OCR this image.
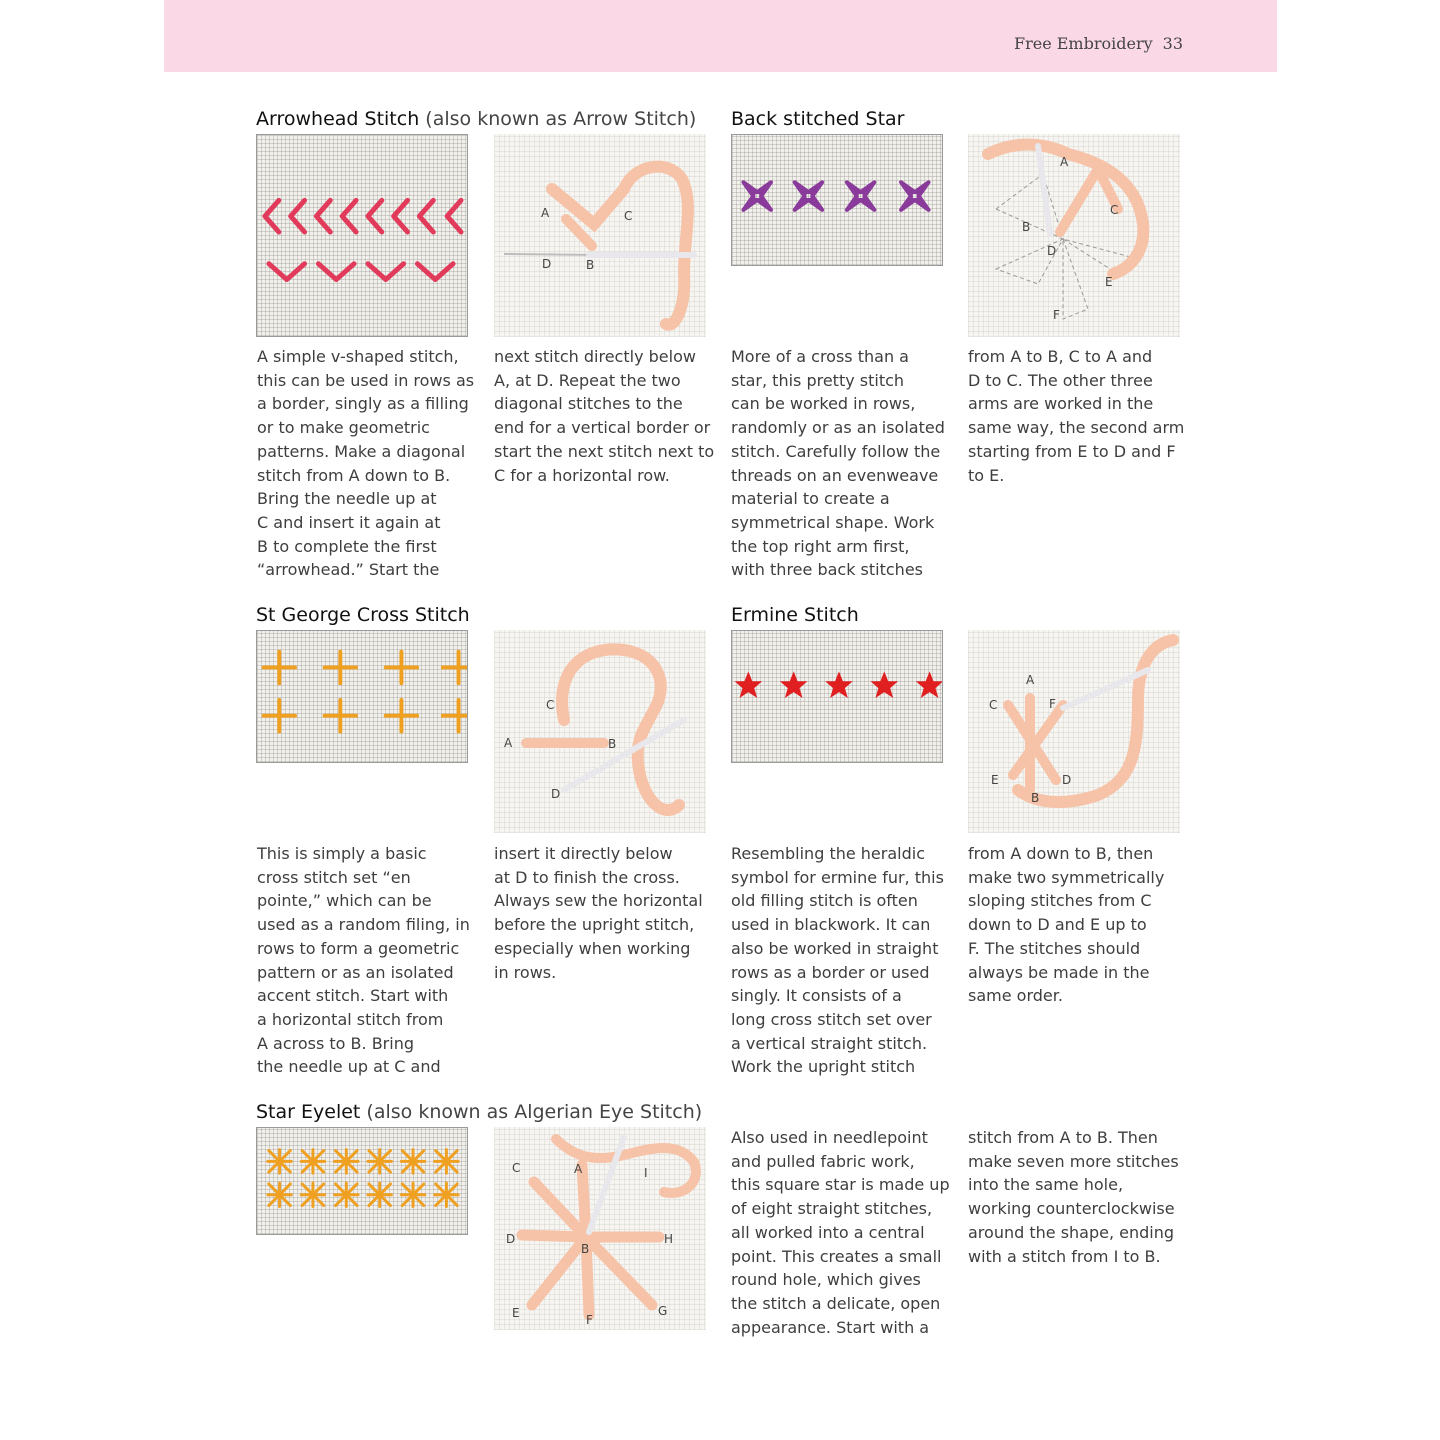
Free Embroidery 33
Arrowhead Stitch (also known as Arrow Stitch)
A	C
D	B

A simple v-shaped stitch,
this can be used in rows as
a border, singly as a filling
or to make geometric
patterns. Make a diagonal
stitch from A down to B.
Bring the needle up at
C and insert it again at
B to complete the first
“arrowhead.” Start the

next stitch directly below
A, at D. Repeat the two
diagonal stitches to the
end for a vertical border or
start the next stitch next to
C for a horizontal row.

Back stitched Star
A
B
C
D
E
F

More of a cross than a
star, this pretty stitch
can be worked in rows,
randomly or as an isolated
stitch. Carefully follow the
threads on an evenweave
material to create a
symmetrical shape. Work
the top right arm first,
with three back stitches

from A to B, C to A and
D to C. The other three
arms are worked in the
same way, the second arm
starting from E to D and F
to E.

St George Cross Stitch
C
A	B
D

This is simply a basic
cross stitch set “en
pointe,” which can be
used as a random filing, in
rows to form a geometric
pattern or as an isolated
accent stitch. Start with
a horizontal stitch from
A across to B. Bring
the needle up at C and

insert it directly below
at D to finish the cross.
Always sew the horizontal
before the upright stitch,
especially when working
in rows.

Ermine Stitch
A
C	F
E	D
B

Resembling the heraldic
symbol for ermine fur, this
old filling stitch is often
used in blackwork. It can
also be worked in straight
rows as a border or used
singly. It consists of a
long cross stitch set over
a vertical straight stitch.
Work the upright stitch

from A down to B, then
make two symmetrically
sloping stitches from C
down to D and E up to
F. The stitches should
always be made in the
same order.

Star Eyelet (also known as Algerian Eye Stitch)
C	A	I
D
B
H
E	F
G

Also used in needlepoint
and pulled fabric work,
this square star is made up
of eight straight stitches,
all worked into a central
point. This creates a small
round hole, which gives
the stitch a delicate, open
appearance. Start with a

stitch from A to B. Then
make seven more stitches
into the same hole,
working counterclockwise
around the shape, ending
with a stitch from I to B.
